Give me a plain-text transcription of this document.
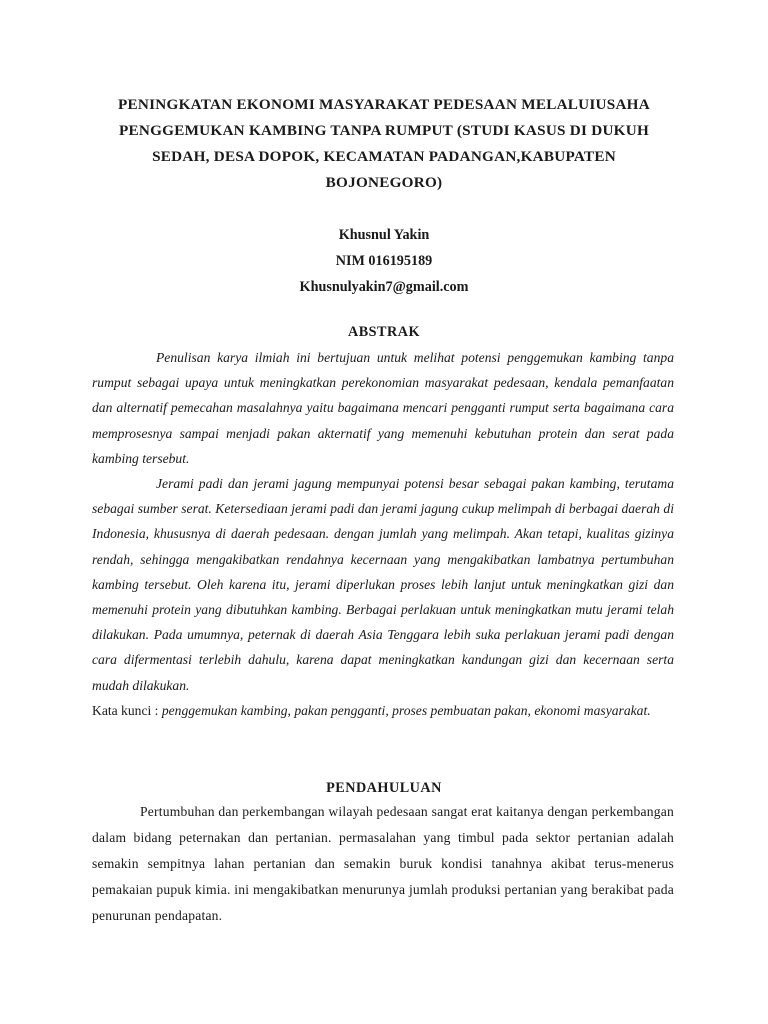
PENINGKATAN EKONOMI MASYARAKAT PEDESAAN MELALUIUSAHA
PENGGEMUKAN KAMBING TANPA RUMPUT (STUDI KASUS DI DUKUH
SEDAH, DESA DOPOK, KECAMATAN PADANGAN,KABUPATEN
BOJONEGORO)
Khusnul Yakin
NIM 016195189
Khusnulyakin7@gmail.com
ABSTRAK

Penulisan karya ilmiah ini bertujuan untuk melihat potensi penggemukan kambing tanpa rumput sebagai upaya untuk meningkatkan perekonomian masyarakat pedesaan, kendala pemanfaatan dan alternatif pemecahan masalahnya yaitu bagaimana mencari pengganti rumput serta bagaimana cara memprosesnya sampai menjadi pakan akternatif yang memenuhi kebutuhan protein dan serat pada kambing tersebut.

Jerami padi dan jerami jagung mempunyai potensi besar sebagai pakan kambing, terutama sebagai sumber serat. Ketersediaan jerami padi dan jerami jagung cukup melimpah di berbagai daerah di Indonesia, khususnya di daerah pedesaan. dengan jumlah yang melimpah. Akan tetapi, kualitas gizinya rendah, sehingga mengakibatkan rendahnya kecernaan yang mengakibatkan lambatnya pertumbuhan kambing tersebut. Oleh karena itu, jerami diperlukan proses lebih lanjut untuk meningkatkan gizi dan memenuhi protein yang dibutuhkan kambing. Berbagai perlakuan untuk meningkatkan mutu jerami telah dilakukan. Pada umumnya, peternak di daerah Asia Tenggara lebih suka perlakuan jerami padi dengan cara difermentasi terlebih dahulu, karena dapat meningkatkan kandungan gizi dan kecernaan serta mudah dilakukan.

Kata kunci : penggemukan kambing, pakan pengganti, proses pembuatan pakan, ekonomi masyarakat.

PENDAHULUAN

Pertumbuhan dan perkembangan wilayah pedesaan sangat erat kaitanya dengan perkembangan dalam bidang peternakan dan pertanian. permasalahan yang timbul pada sektor pertanian adalah semakin sempitnya lahan pertanian dan semakin buruk kondisi tanahnya akibat terus-menerus pemakaian pupuk kimia. ini mengakibatkan menurunya jumlah produksi pertanian yang berakibat pada penurunan pendapatan.
